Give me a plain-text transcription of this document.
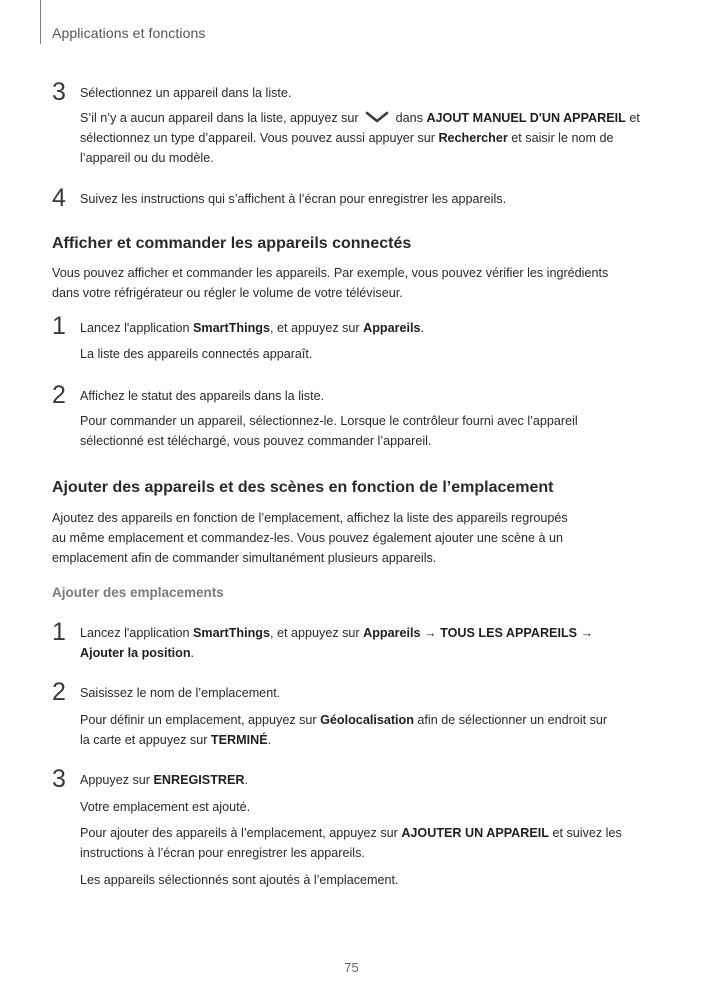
Applications et fonctions
3	Sélectionnez un appareil dans la liste.
S’il n’y a aucun appareil dans la liste, appuyez sur	dans AJOUT MANUEL D'UN APPAREIL et
sélectionnez un type d’appareil. Vous pouvez aussi appuyer sur Rechercher et saisir le nom de
l’appareil ou du modèle.
4	Suivez les instructions qui s’affichent à l’écran pour enregistrer les appareils.
Afficher et commander les appareils connectés
Vous pouvez afficher et commander les appareils. Par exemple, vous pouvez vérifier les ingrédients
dans votre réfrigérateur ou régler le volume de votre téléviseur.
1	Lancez l'application SmartThings, et appuyez sur Appareils.
La liste des appareils connectés apparaît.
2	Affichez le statut des appareils dans la liste.
Pour commander un appareil, sélectionnez-le. Lorsque le contrôleur fourni avec l’appareil
sélectionné est téléchargé, vous pouvez commander l’appareil.
Ajouter des appareils et des scènes en fonction de l’emplacement
Ajoutez des appareils en fonction de l’emplacement, affichez la liste des appareils regroupés
au même emplacement et commandez-les. Vous pouvez également ajouter une scène à un
emplacement afin de commander simultanément plusieurs appareils.
Ajouter des emplacements
1	Lancez l'application SmartThings, et appuyez sur Appareils → TOUS LES APPAREILS →
Ajouter la position.
2	Saisissez le nom de l’emplacement.
Pour définir un emplacement, appuyez sur Géolocalisation afin de sélectionner un endroit sur
la carte et appuyez sur TERMINÉ.
3	Appuyez sur ENREGISTRER.
Votre emplacement est ajouté.
Pour ajouter des appareils à l’emplacement, appuyez sur AJOUTER UN APPAREIL et suivez les
instructions à l’écran pour enregistrer les appareils.
Les appareils sélectionnés sont ajoutés à l’emplacement.
75
